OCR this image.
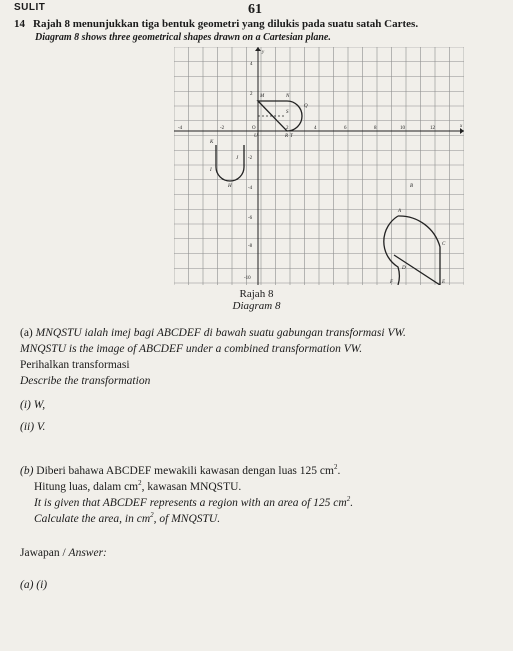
SULIT	61
14 Rajah 8 menunjukkan tiga bentuk geometri yang dilukis pada suatu satah Cartes.
Diagram 8 shows three geometrical shapes drawn on a Cartesian plane.
-4	-2	O	2	4	6	8	10	12
4
2
-2
-4
-6
-8
-10
x
y
M	N
Q
R
S
T
U
K
H
J
I
A
B
C
D
E
F
Rajah 8
Diagram 8
(a) MNQSTU ialah imej bagi ABCDEF di bawah suatu gabungan transformasi VW.
MNQSTU is the image of ABCDEF under a combined transformation VW.
Perihalkan transformasi
Describe the transformation
(i) W,
(ii) V.
(b) Diberi bahawa ABCDEF mewakili kawasan dengan luas 125 $cm^2$.
Hitung luas, dalam $cm^2$, kawasan MNQSTU.
It is given that ABCDEF represents a region with an area of 125 $cm^2$.
Calculate the area, in $cm^2$, of MNQSTU.
Jawapan / Answer:
(a) (i)
